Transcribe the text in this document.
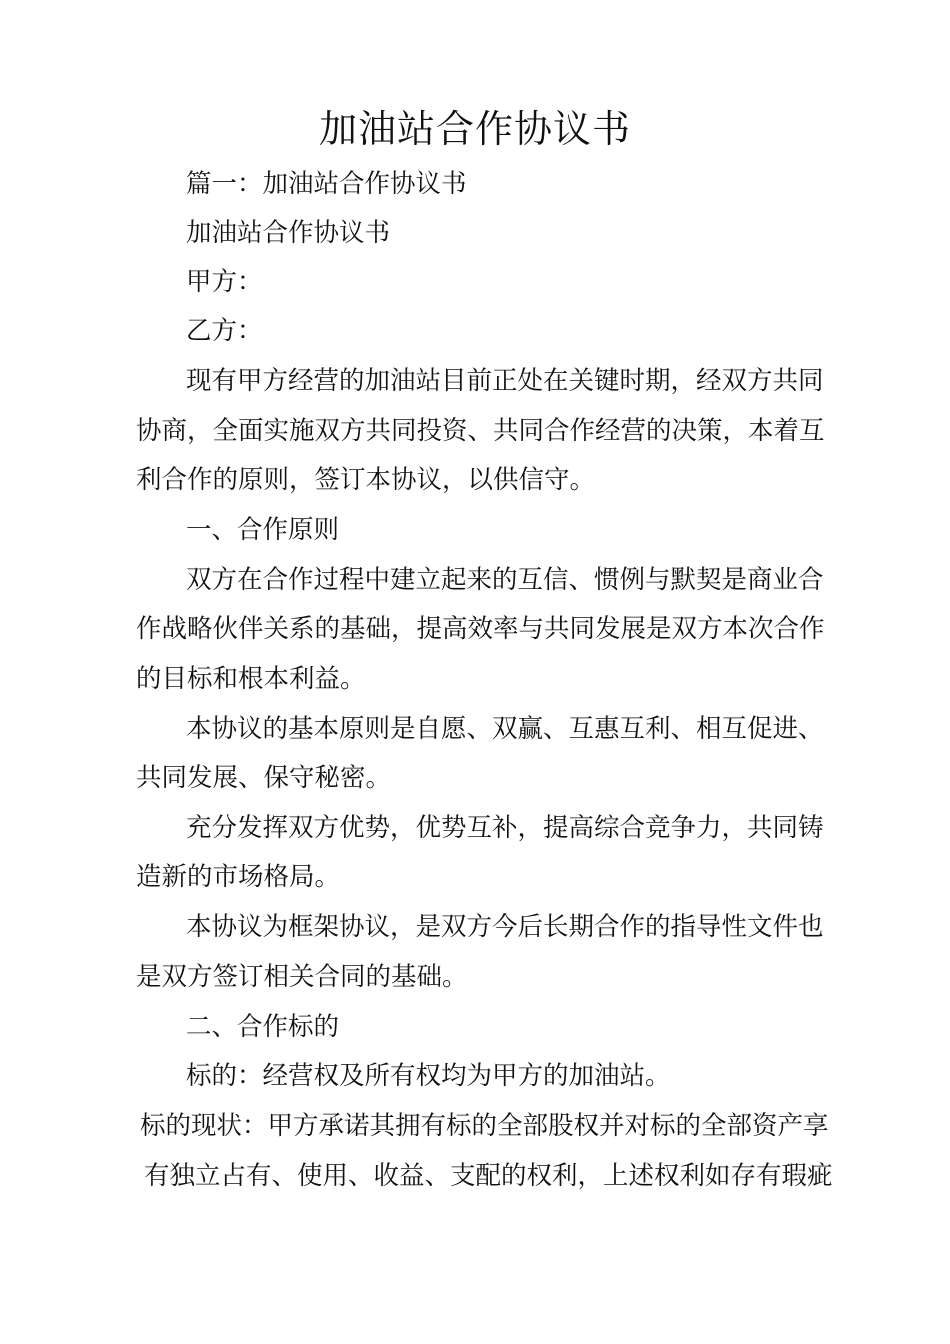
加油站合作协议书
篇一：加油站合作协议书
加油站合作协议书
甲方：
乙方：
现有甲方经营的加油站目前正处在关键时期，经双方共同
协商，全面实施双方共同投资、共同合作经营的决策，本着互
利合作的原则，签订本协议，以供信守。
一、合作原则
双方在合作过程中建立起来的互信、惯例与默契是商业合
作战略伙伴关系的基础，提高效率与共同发展是双方本次合作
的目标和根本利益。
本协议的基本原则是自愿、双赢、互惠互利、相互促进、
共同发展、保守秘密。
充分发挥双方优势，优势互补，提高综合竞争力，共同铸
造新的市场格局。
本协议为框架协议，是双方今后长期合作的指导性文件也
是双方签订相关合同的基础。
二、合作标的
标的：经营权及所有权均为甲方的加油站。
标的现状：甲方承诺其拥有标的全部股权并对标的全部资产享
有独立占有、使用、收益、支配的权利，上述权利如存有瑕疵
